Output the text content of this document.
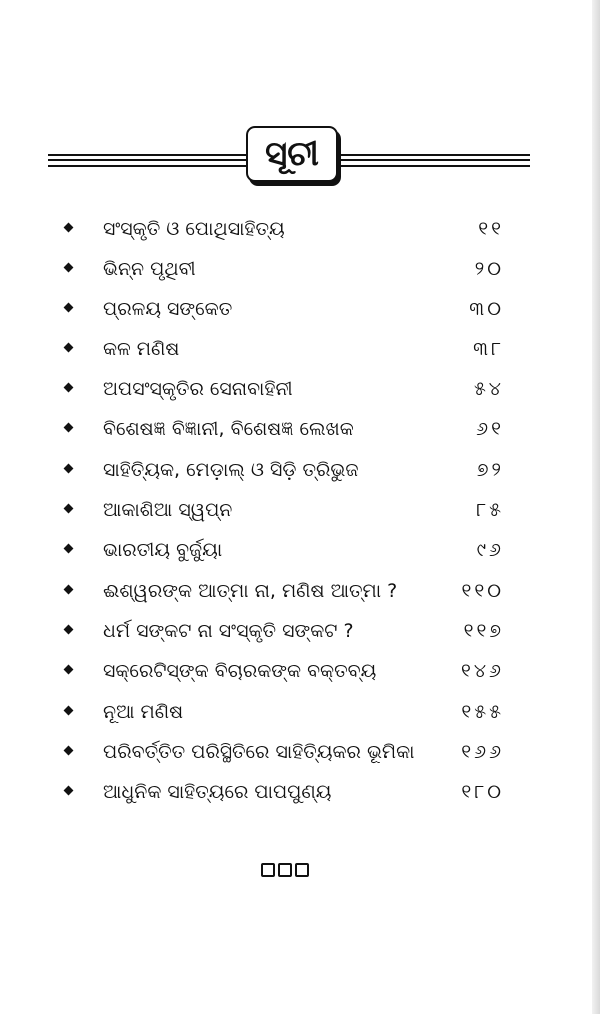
ସୂଚୀ
ସଂସ୍କୃତି ଓ ପୋଥିସାହିତ୍ୟ	୧୧
ଭିନ୍ନ ପୃଥିବୀ	୨୦
ପ୍ରଳୟ ସଙ୍କେତ	୩୦
କଳ ମଣିଷ	୩୮
ଅପସଂସ୍କୃତିର ସେନାବାହିନୀ	୫୪
ବିଶେଷଜ୍ଞ ବିଜ୍ଞାନୀ, ବିଶେଷଜ୍ଞ ଲେଖକ	୬୧
ସାହିତ୍ୟିକ, ମେଡ଼ାଲ୍ ଓ ସିଡ଼ି ତ୍ରିଭୁଜ	୭୨
ଆକାଶିଆ ସ୍ୱପ୍ନ	୮୫
ଭାରତୀୟ ବୁର୍ଜୁୟା	୯୬
ଈଶ୍ୱରଙ୍କ ଆତ୍ମା ନା, ମଣିଷ ଆତ୍ମା ?	୧୧୦
ଧର୍ମ ସଙ୍କଟ ନା ସଂସ୍କୃତି ସଙ୍କଟ ?	୧୧୭
ସକ୍ରେଟିସ୍‌ଙ୍କ ବିଚାରକଙ୍କ ବକ୍ତବ୍ୟ	୧୪୬
ନୂଆ ମଣିଷ	୧୫୫
ପରିବର୍ତ୍ତିତ ପରିସ୍ଥିତିରେ ସାହିତ୍ୟିକର ଭୂମିକା ୧୬୬
ଆଧୁନିକ ସାହିତ୍ୟରେ ପାପପୁଣ୍ୟ	୧୮୦
